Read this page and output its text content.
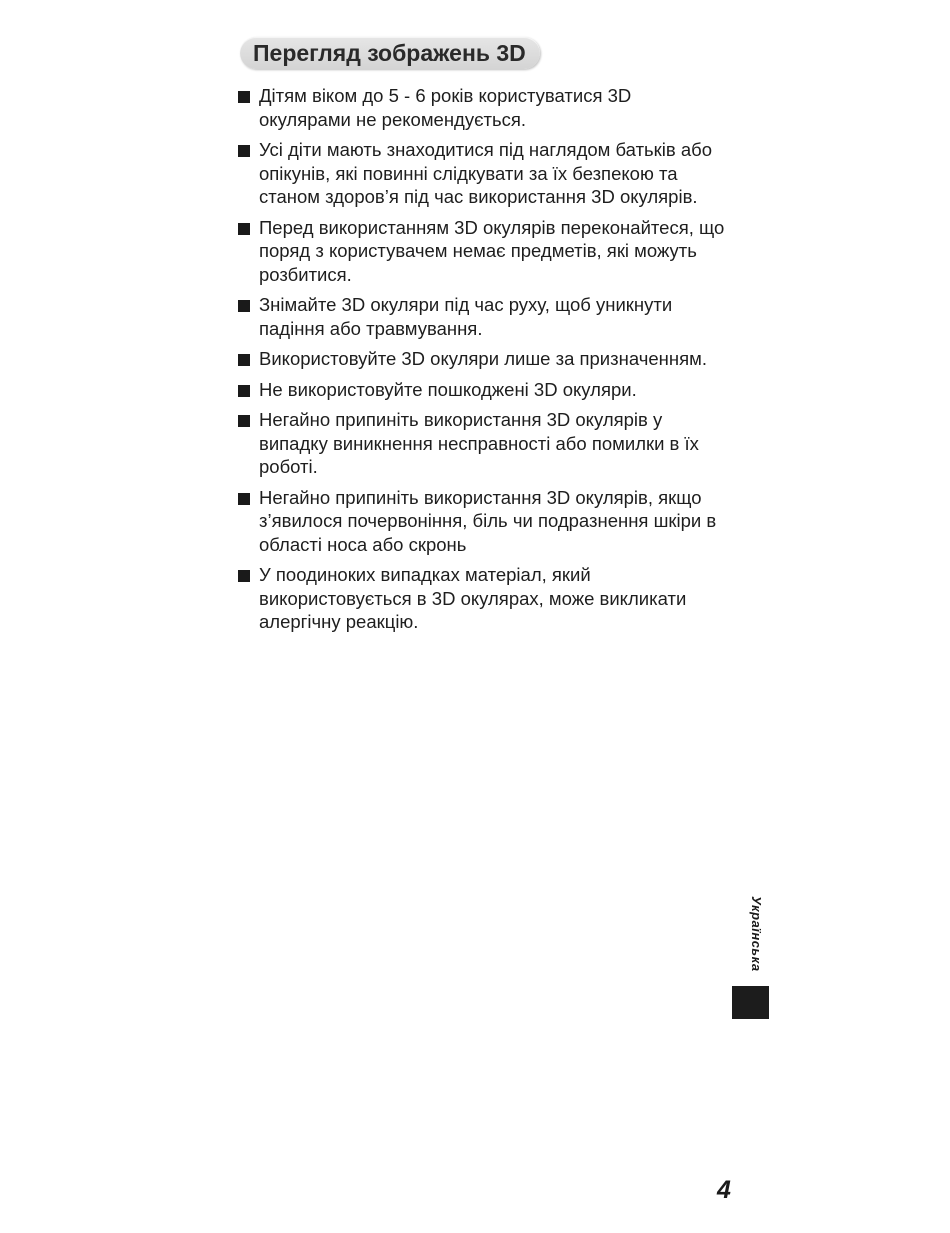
Перегляд зображень 3D
Дітям віком до 5 - 6 років користуватися 3D окулярами не рекомендується.
Усі діти мають знаходитися під наглядом батьків або опікунів, які повинні слідкувати за їх безпекою та станом здоров’я під час використання 3D окулярів.
Перед використанням 3D окулярів переконайтеся, що поряд з користувачем немає предметів, які можуть розбитися.
Знімайте 3D окуляри під час руху, щоб уникнути падіння або травмування.
Використовуйте 3D окуляри лише за призначенням.
Не використовуйте пошкоджені 3D окуляри.
Негайно припиніть використання 3D окулярів у випадку виникнення несправності або помилки в їх роботі.
Негайно припиніть використання 3D окулярів, якщо з’явилося почервоніння, біль чи подразнення шкіри в області носа або скронь
У поодиноких випадках матеріал, який використовується в 3D окулярах, може викликати алергічну реакцію.
Українська
4
